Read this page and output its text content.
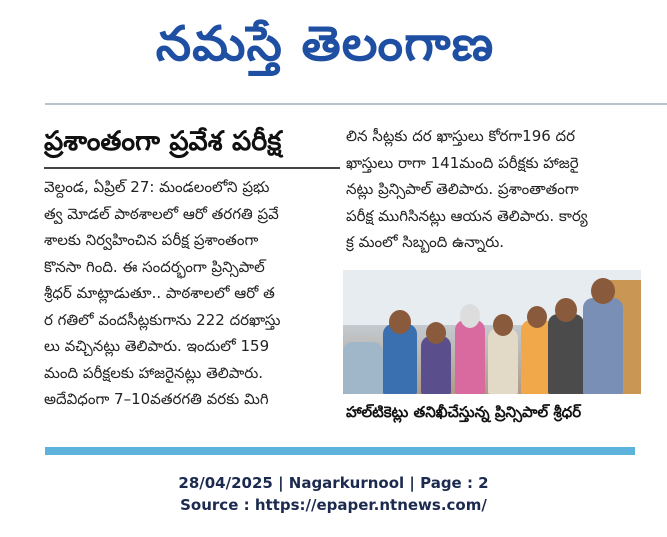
నమస్తే తెలంగాణ
ప్రశాంతంగా ప్రవేశ పరీక్ష

వెల్దండ, ఏప్రిల్ 27: మండలంలోని ప్రభు

త్వ మోడల్ పాఠశాలలో ఆరో తరగతి ప్రవే

శాలకు నిర్వహించిన పరీక్ష ప్రశాంతంగా

కొనసా గింది. ఈ సందర్భంగా ప్రిన్సిపాల్

శ్రీధర్ మాట్లాడుతూ.. పాఠశాలలో ఆరో త

ర గతిలో వందసీట్లకుగాను 222 దరఖాస్తు

లు వచ్చినట్లు తెలిపారు. ఇందులో 159

మంది పరీక్షలకు హాజరైనట్లు తెలిపారు.

అదేవిధంగా 7–10వతరగతి వరకు మిగి

లిన సీట్లకు దర ఖాస్తులు కోరగా196 దర

ఖాస్తులు రాగా 141మంది పరీక్షకు హాజరై

నట్లు ప్రిన్సిపాల్ తెలిపారు. ప్రశాంతాతంగా

పరీక్ష ముగిసినట్లు ఆయన తెలిపారు. కార్య

క్ర మంలో సిబ్బంది ఉన్నారు.

హాల్‌టికెట్లు తనిఖీచేస్తున్న ప్రిన్సిపాల్ శ్రీధర్
28/04/2025 | Nagarkurnool | Page : 2
Source : https://epaper.ntnews.com/
